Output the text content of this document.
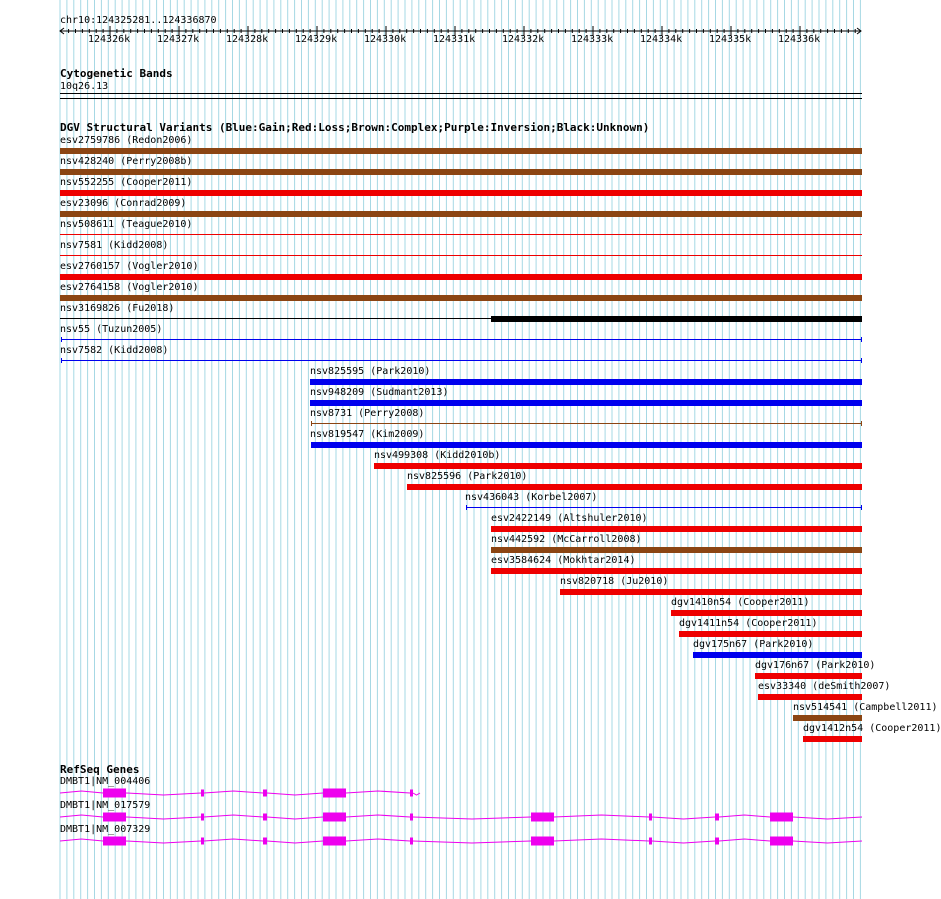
chr10:124325281..124336870
124326k	124327k	124328k	124329k	124330k	124331k	124332k	124333k	124334k	124335k	124336k
Cytogenetic Bands
10q26.13
DGV Structural Variants (Blue:Gain;Red:Loss;Brown:Complex;Purple:Inversion;Black:Unknown)
esv2759786 (Redon2006)
nsv428240 (Perry2008b)
nsv552255 (Cooper2011)
esv23096 (Conrad2009)
nsv508611 (Teague2010)
nsv7581 (Kidd2008)
esv2760157 (Vogler2010)
esv2764158 (Vogler2010)
nsv3169826 (Fu2018)
nsv55 (Tuzun2005)
nsv7582 (Kidd2008)
nsv825595 (Park2010)
nsv948209 (Sudmant2013)
nsv8731 (Perry2008)
nsv819547 (Kim2009)
nsv499308 (Kidd2010b)
nsv825596 (Park2010)
nsv436043 (Korbel2007)
esv2422149 (Altshuler2010)
nsv442592 (McCarroll2008)
esv3584624 (Mokhtar2014)
nsv820718 (Ju2010)
dgv1410n54 (Cooper2011)
dgv1411n54 (Cooper2011)
dgv175n67 (Park2010)
dgv176n67 (Park2010)
esv33340 (deSmith2007)
nsv514541 (Campbell2011)
dgv1412n54 (Cooper2011)
RefSeq Genes
DMBT1|NM_004406
DMBT1|NM_017579
DMBT1|NM_007329
